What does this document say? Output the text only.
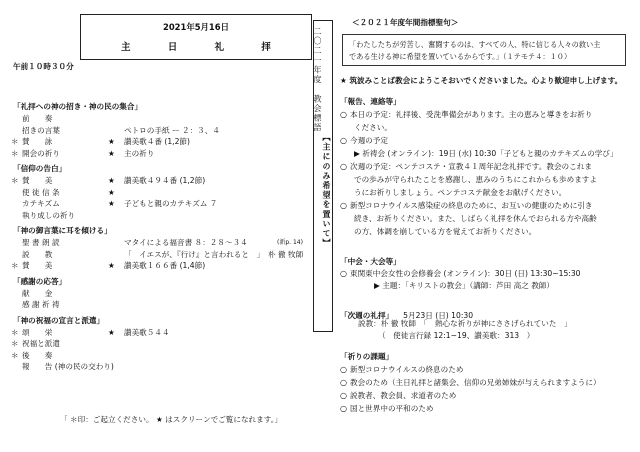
2021年5月16日
主　日　礼　拝
午前１０時３０分
「 礼拝への神の招き・神の民の集合 」
前　　奏
招きの言葉	ペトロの手紙 ー ２：３、４
＊ 賛　　詠	★ 讃美歌４番 (1,2節)
＊ 開会の祈り	★ 主の祈り
「 信仰の告白 」
＊ 賛　　美	★ 讃美歌４９４番 (1,2節)
使 徒 信 条	★
カテキズム	★ 子どもと親のカテキズム ７
執り成しの祈り
「 神の御言葉に耳を傾ける 」
聖 書 朗 読	マタイによる福音書 ８：２８〜３４	(新p. 14)
説　　教	「　イエスが、『行け』と言われると　」　朴 徹 牧師
＊ 賛　　美	★ 讃美歌１６６番 (1,4節)
「 感謝の応答 」
献　　金
感 謝 祈 祷
「 神の祝福の宣言と派遣 」
＊ 頌　　栄	★ 讃美歌５４４
＊ 祝福と派遣
＊ 後　　奏
報　　告 (神の民の交わり)
「 ＊印：ご起立ください。 ★ はスクリーンでご覧になれます。」
二〇二一年度　教会標語
【主にのみ希望を置いて】
＜２０２１年度年間指標聖句＞
「わたしたちが労苦し、奮闘するのは、すべての人、特に信じる人々の救い主
である生ける神に希望を置いているからです。」（１テモテ４：１０）
★ 筑波みことば教会にようこそおいでくださいました。心より歓迎申し上げます。
「 報告、連絡等 」
○ 本日の予定：礼拝後、受洗準備会があります。主の恵みと導きをお祈り
ください。
○ 今週の予定
▶ 祈祷会 (オンライン)：19日 (水) 10:30「子どもと親のカテキズムの学び」
○ 次週の予定：ペンテコステ・宣教４１周年記念礼拝です。教会のこれま
での歩みが守られたことを感謝し、恵みのうちにこれからも歩めますよ
うにお祈りしましょう。ペンテコステ献金をお献げください。
○ 新型コロナウイルス感染症の終息のために、お互いの健康のために引き
続き、お祈りください。また、しばらく礼拝を休んでおられる方や高齢
の方、体調を崩している方を覚えてお祈りください。
「 中会・大会等 」
○ 東関東中会女性の会修養会 (オンライン)：30日 (日) 13:30~15:30
▶ 主題：「キリストの教会」（講師：芦田 高之 教師）
「 次週の礼拝 」 5月23日 (日) 10:30
説教：朴 徹 牧師　「　熱心な祈りが神にささげられていた　」
（　使徒言行録 12:1~19、讃美歌：313　）
「 祈りの課題 」
○ 新型コロナウイルスの終息のため
○ 教会のため（主日礼拝と諸集会、信仰の兄弟姉妹が与えられますように）
○ 説教者、教会員、求道者のため
○ 国と世界中の平和のため
